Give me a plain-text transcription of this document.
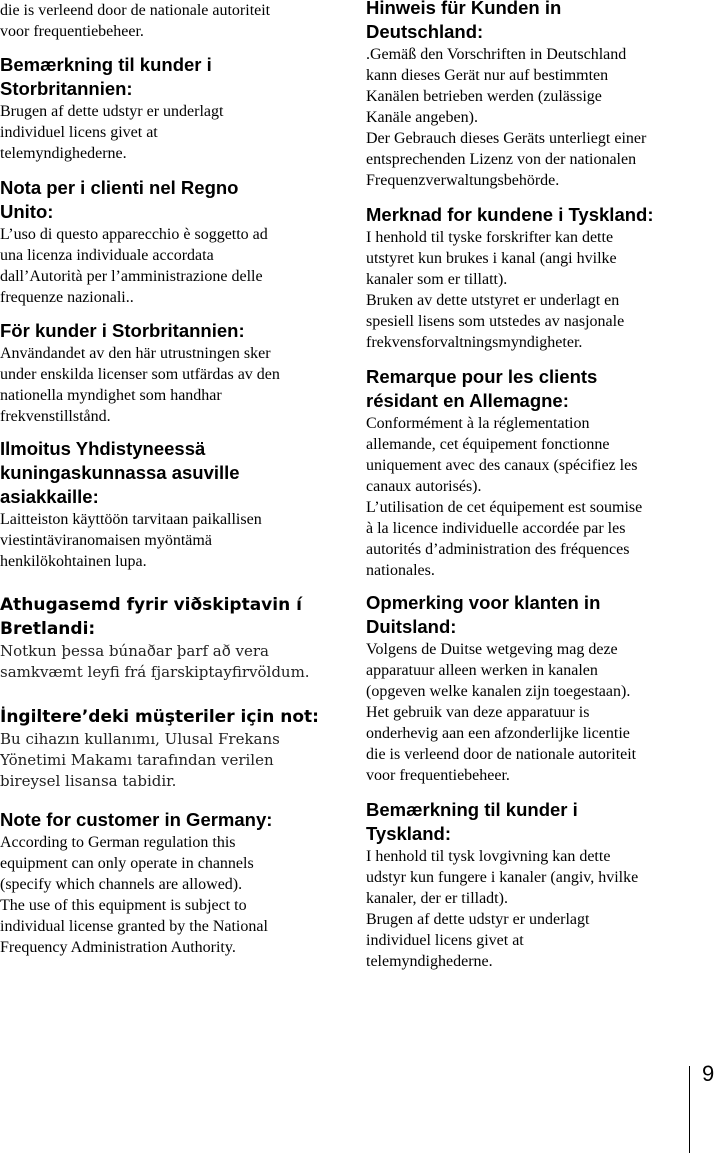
die is verleend door de nationale autoriteit
voor frequentiebeheer.

Bemærkning til kunder i
Storbritannien:

Brugen af dette udstyr er underlagt
individuel licens givet at
telemyndighederne.

Nota per i clienti nel Regno
Unito:

L’uso di questo apparecchio è soggetto ad
una licenza individuale accordata
dall’Autorità per l’amministrazione delle
frequenze nazionali..

För kunder i Storbritannien:

Användandet av den här utrustningen sker
under enskilda licenser som utfärdas av den
nationella myndighet som handhar
frekvenstillstånd.

Ilmoitus Yhdistyneessä
kuningaskunnassa asuville
asiakkaille:

Laitteiston käyttöön tarvitaan paikallisen
viestintäviranomaisen myöntämä
henkilökohtainen lupa.

Athugasemd fyrir viðskiptavin í
Bretlandi:

Notkun þessa búnaðar þarf að vera
samkvæmt leyfi frá fjarskiptayfirvöldum.

İngiltere’deki müşteriler için not:

Bu cihazın kullanımı, Ulusal Frekans
Yönetimi Makamı tarafından verilen
bireysel lisansa tabidir.

Note for customer in Germany:

According to German regulation this
equipment can only operate in channels
(specify which channels are allowed).
The use of this equipment is subject to
individual license granted by the National
Frequency Administration Authority.

Hinweis für Kunden in
Deutschland:

.Gemäß den Vorschriften in Deutschland
kann dieses Gerät nur auf bestimmten
Kanälen betrieben werden (zulässige
Kanäle angeben).
Der Gebrauch dieses Geräts unterliegt einer
entsprechenden Lizenz von der nationalen
Frequenzverwaltungsbehörde.

Merknad for kundene i Tyskland:

I henhold til tyske forskrifter kan dette
utstyret kun brukes i kanal (angi hvilke
kanaler som er tillatt).
Bruken av dette utstyret er underlagt en
spesiell lisens som utstedes av nasjonale
frekvensforvaltningsmyndigheter.

Remarque pour les clients
résidant en Allemagne:

Conformément à la réglementation
allemande, cet équipement fonctionne
uniquement avec des canaux (spécifiez les
canaux autorisés).
L’utilisation de cet équipement est soumise
à la licence individuelle accordée par les
autorités d’administration des fréquences
nationales.

Opmerking voor klanten in
Duitsland:

Volgens de Duitse wetgeving mag deze
apparatuur alleen werken in kanalen
(opgeven welke kanalen zijn toegestaan).
Het gebruik van deze apparatuur is
onderhevig aan een afzonderlijke licentie
die is verleend door de nationale autoriteit
voor frequentiebeheer.

Bemærkning til kunder i
Tyskland:

I henhold til tysk lovgivning kan dette
udstyr kun fungere i kanaler (angiv, hvilke
kanaler, der er tilladt).
Brugen af dette udstyr er underlagt
individuel licens givet at
telemyndighederne.

9
